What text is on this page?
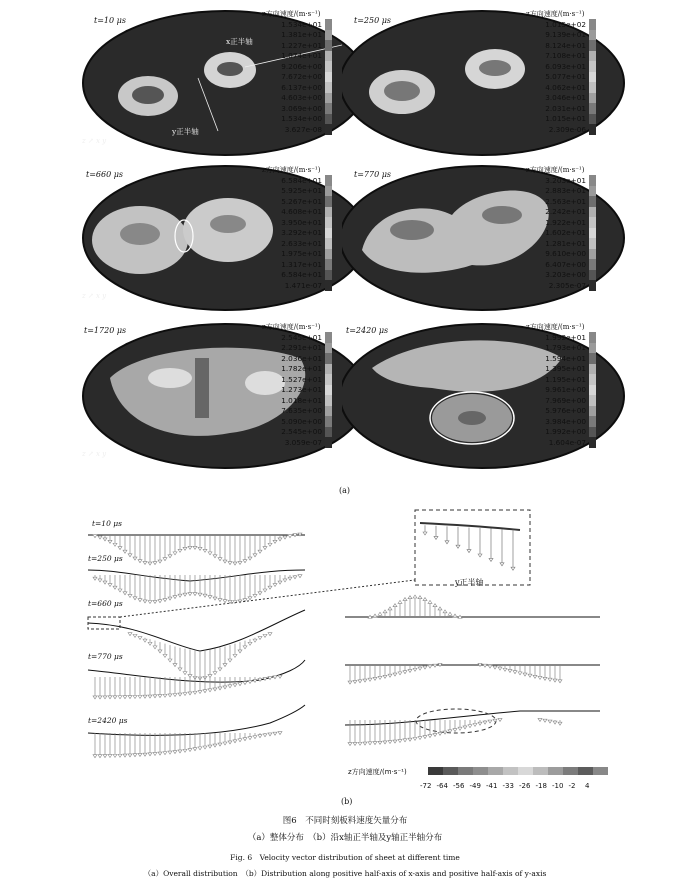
t=10 μs
x正半轴
y正半轴
z ↗ x y
z方向速度/(m·s⁻¹)
1.534e+01
1.381e+01
1.227e+01
1.074e+01
9.206e+00
7.672e+00
6.137e+00
4.603e+00
3.069e+00
1.534e+00
3.627e-08
t=250 μs
z方向速度/(m·s⁻¹)
1.015e+02
9.139e+01
8.124e+01
7.108e+01
6.093e+01
5.077e+01
4.062e+01
3.046e+01
2.031e+01
1.015e+01
2.309e-06
t=660 μs
z ↗ x y
z方向速度/(m·s⁻¹)
6.584e+01
5.925e+01
5.267e+01
4.608e+01
3.950e+01
3.292e+01
2.633e+01
1.975e+01
1.317e+01
6.584e+01
1.471e-07
t=770 μs	z方向速度/(m·s⁻¹)
3.203e+01
2.883e+01
2.563e+01
2.242e+01
1.922e+01
1.602e+01
1.281e+01
9.610e+00
6.407e+00
3.203e+00
2.305e-07
t=1720 μs
z ↗ x y
z方向速度/(m·s⁻¹)
2.545e+01
2.291e+01
2.036e+01
1.782e+01
1.527e+01
1.273e+01
1.018e+01
7.635e+00
5.090e+00
2.545e+00
3.059e-07
t=2420 μs	z方向速度/(m·s⁻¹)
1.992e+01
1.793e+01
1.594e+01
1.395e+01
1.195e+01
9.961e+00
7.969e+00
5.976e+00
3.984e+00
1.992e+00
1.604e-07
(a)
t=10 μs
t=250 μs
t=660 μs
t=770 μs
t=2420 μs
y正半轴
z方向速度/(m·s⁻¹)
-72 -64 -56 -49 -41 -33 -26 -18 -10 -2 4
(b)
图6　不同时刻板料速度矢量分布
（a）整体分布　（b）沿x轴正半轴及y轴正半轴分布
Fig. 6　Velocity vector distribution of sheet at different time
（a）Overall distribution　（b）Distribution along positive half-axis of x-axis and positive half-axis of y-axis
